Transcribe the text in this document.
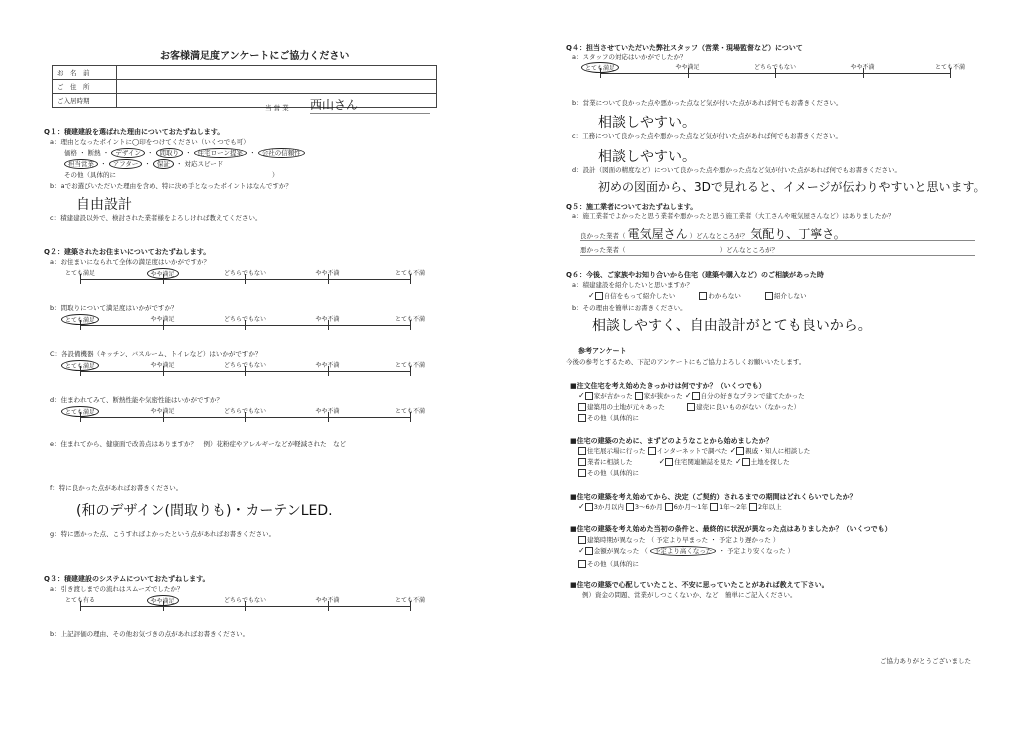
お客様満足度アンケートにご協力ください
お　名　前	
ご　住　所	
ご入居時期	
当 営 業 西山さん
Q１：積建建設を選ばれた理由についておたずねします。
a：理由となったポイントに◯印をつけてください（いくつでも可）
価格 ・ 断熱 ・ デザイン ・ 間取り ・ 住宅ローン提案 ・ 会社の信頼性
担当営業 ・ アフター ・ 保証 ・ 対応スピード
その他（具体的に　　　　　　　　　　　　　　　　　　　　　　　　）
b：aでお選びいただいた理由を含め、特に決め手となったポイントはなんですか？
自由設計
c：積建建設以外で、検討された業者様をよろしければ教えてください。
Q２：建築されたお住まいについておたずねします。
a：お住まいになられて全体の満足度はいかがですか？
とても満足	やや満足	どちらでもない	やや不満	とても不満
b：間取りについて満足度はいかがですか？
とても満足	やや満足	どちらでもない	やや不満	とても不満
C：各設備機器（キッチン、バスルーム、トイレなど）はいかがですか？
とても満足	やや満足	どちらでもない	やや不満	とても不満
d：住まわれてみて、断熱性能や気密性能はいかがですか？
とても満足	やや満足	どちらでもない	やや不満	とても不満
e：住まれてから、健康面で改善点はありますか？　例）花粉症やアレルギーなどが軽減された　など
f：特に良かった点があればお書きください。
(和のデザイン(間取りも)・カーテンLED.
g：特に悪かった点、こうすればよかったという点があればお書きください。
Q３：積建建設のシステムについておたずねします。
a：引き渡しまでの流れはスムーズでしたか？
とても有る	やや満足	どちらでもない	やや不満	とても不満
b：上記評価の理由、その他お気づきの点があればお書きください。
Q４：担当させていただいた弊社スタッフ（営業・現場監督など）について
a：スタッフの対応はいかがでしたか？
とても満足	やや満足	どちらでもない	やや不満	とても不満
b：営業について良かった点や悪かった点など気が付いた点があれば何でもお書きください。
相談しやすい。
c：工務について良かった点や悪かった点など気が付いた点があれば何でもお書きください。
相談しやすい。
d：設計（図面の精度など）について良かった点や悪かった点など気が付いた点があれば何でもお書きください。
初めの図面から、3Dで見れると、イメージが伝わりやすいと思います。
Q５：施工業者についておたずねします。
a：施工業者でよかったと思う業者や悪かったと思う施工業者（大工さんや電気屋さんなど）はありましたか？
良かった業者（ 電気屋さん ）どんなところが？ 気配り、丁寧さ。
悪かった業者（	）どんなところが？
Q６：今後、ご家族やお知り合いから住宅（建築や購入など）のご相談があった時
a：積建建設を紹介したいと思いますか？
✓ 自信をもって紹介したい	わからない	紹介しない
b：その理由を簡単にお書きください。
相談しやすく、自由設計がとても良いから。
参考アンケート
今後の参考とするため、下記のアンケートにもご協力よろしくお願いいたします。
■注文住宅を考え始めたきっかけは何ですか？（いくつでも）
✓ 家が古かった 家が狭かった ✓ 自分の好きなプランで建てたかった
建築用の土地が元々あった	建売に良いものがない（なかった）
その他（具体的に
■住宅の建築のために、まずどのようなことから始めましたか？
住宅展示場に行った インターネットで調べた ✓ 親戚・知人に相談した
業者に相談した	✓ 住宅関連雑誌を見た ✓ 土地を探した
その他（具体的に
■住宅の建築を考え始めてから、決定（ご契約）されるまでの期間はどれくらいでしたか？
✓ 3か月以内 3～6か月 6か月～1年 1年～2年 2年以上
■住宅の建築を考え始めた当初の条件と、最終的に状況が異なった点はありましたか？（いくつでも）
建築時期が異なった （ 予定より早まった ・ 予定より遅かった ）
✓ 金額が異なった （ 予定より高くなった ・ 予定より安くなった ）
その他（具体的に
■住宅の建築で心配していたこと、不安に思っていたことがあれば教えて下さい。
例）資金の問題、営業がしつこくないか、など　簡単にご記入ください。
ご協力ありがとうございました
